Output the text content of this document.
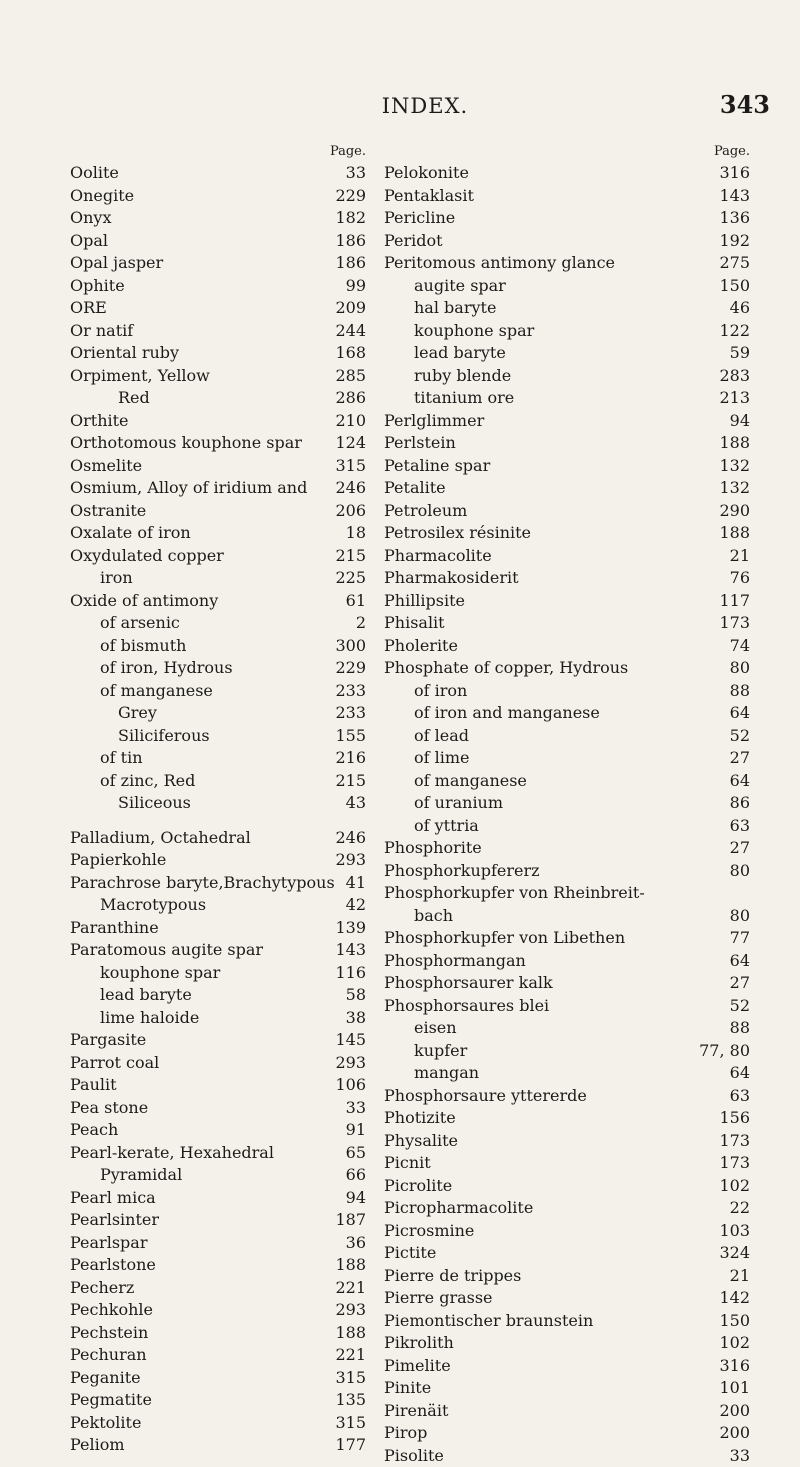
INDEX.	343
Page.
Oolite	33
Onegite	229
Onyx	182
Opal	186
Opal jasper	186
Ophite	99
ORE	209
Or natif	244
Oriental ruby	168
Orpiment, Yellow	285
Red	286
Orthite	210
Orthotomous kouphone spar 124
Osmelite	315
Osmium, Alloy of iridium and 246
Ostranite	206
Oxalate of iron	18
Oxydulated copper	215
iron	225
Oxide of antimony	61
of arsenic	2
of bismuth	300
of iron, Hydrous	229
of manganese	233
Grey	233
Siliciferous	155
of tin	216
of zinc, Red	215
Siliceous	43
Palladium, Octahedral	246
Papierkohle	293
Parachrose baryte,Brachytypous 41
Macrotypous	42
Paranthine	139
Paratomous augite spar	143
kouphone spar	116
lead baryte	58
lime haloide	38
Pargasite	145
Parrot coal	293
Paulit	106
Pea stone	33
Peach	91
Pearl-kerate, Hexahedral	65
Pyramidal	66
Pearl mica	94
Pearlsinter	187
Pearlspar	36
Pearlstone	188
Pecherz	221
Pechkohle	293
Pechstein	188
Pechuran	221
Peganite	315
Pegmatite	135
Pektolite	315
Peliom	177
Page.
Pelokonite	316
Pentaklasit	143
Pericline	136
Peridot	192
Peritomous antimony glance	275
augite spar	150
hal baryte	46
kouphone spar	122
lead baryte	59
ruby blende	283
titanium ore	213
Perlglimmer	94
Perlstein	188
Petaline spar	132
Petalite	132
Petroleum	290
Petrosilex résinite	188
Pharmacolite	21
Pharmakosiderit	76
Phillipsite	117
Phisalit	173
Pholerite	74
Phosphate of copper, Hydrous	80
of iron	88
of iron and manganese	64
of lead	52
of lime	27
of manganese	64
of uranium	86
of yttria	63
Phosphorite	27
Phosphorkupfererz	80
Phosphorkupfer von Rheinbreit-
bach	80
Phosphorkupfer von Libethen	77
Phosphormangan	64
Phosphorsaurer kalk	27
Phosphorsaures blei	52
eisen	88
kupfer	77, 80
mangan	64
Phosphorsaure yttererde	63
Photizite	156
Physalite	173
Picnit	173
Picrolite	102
Picropharmacolite	22
Picrosmine	103
Pictite	324
Pierre de trippes	21
Pierre grasse	142
Piemontischer braunstein	150
Pikrolith	102
Pimelite	316
Pinite	101
Pirenäit	200
Pirop	200
Pisolite	33
